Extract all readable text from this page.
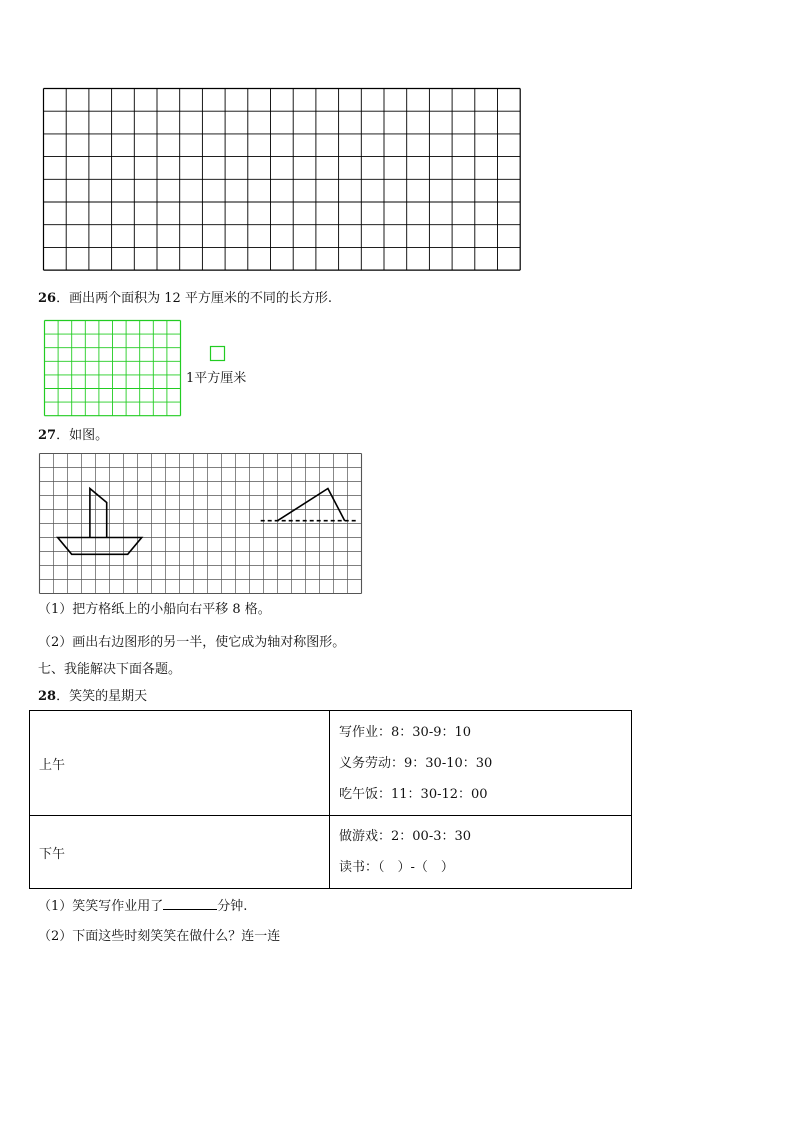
26．画出两个面积为 12 平方厘米的不同的长方形.
1平方厘米
27．如图。
（1）把方格纸上的小船向右平移 8 格。
（2）画出右边图形的另一半，使它成为轴对称图形。
七、我能解决下面各题。
28．笑笑的星期天
上午	写作业：8：30-9：10
义务劳动：9：30-10：30
吃午饭：11：30-12：00

下午	做游戏：2：00-3：30
读书：（　）-（　）
（1）笑笑写作业用了	分钟.
（2）下面这些时刻笑笑在做什么？连一连
